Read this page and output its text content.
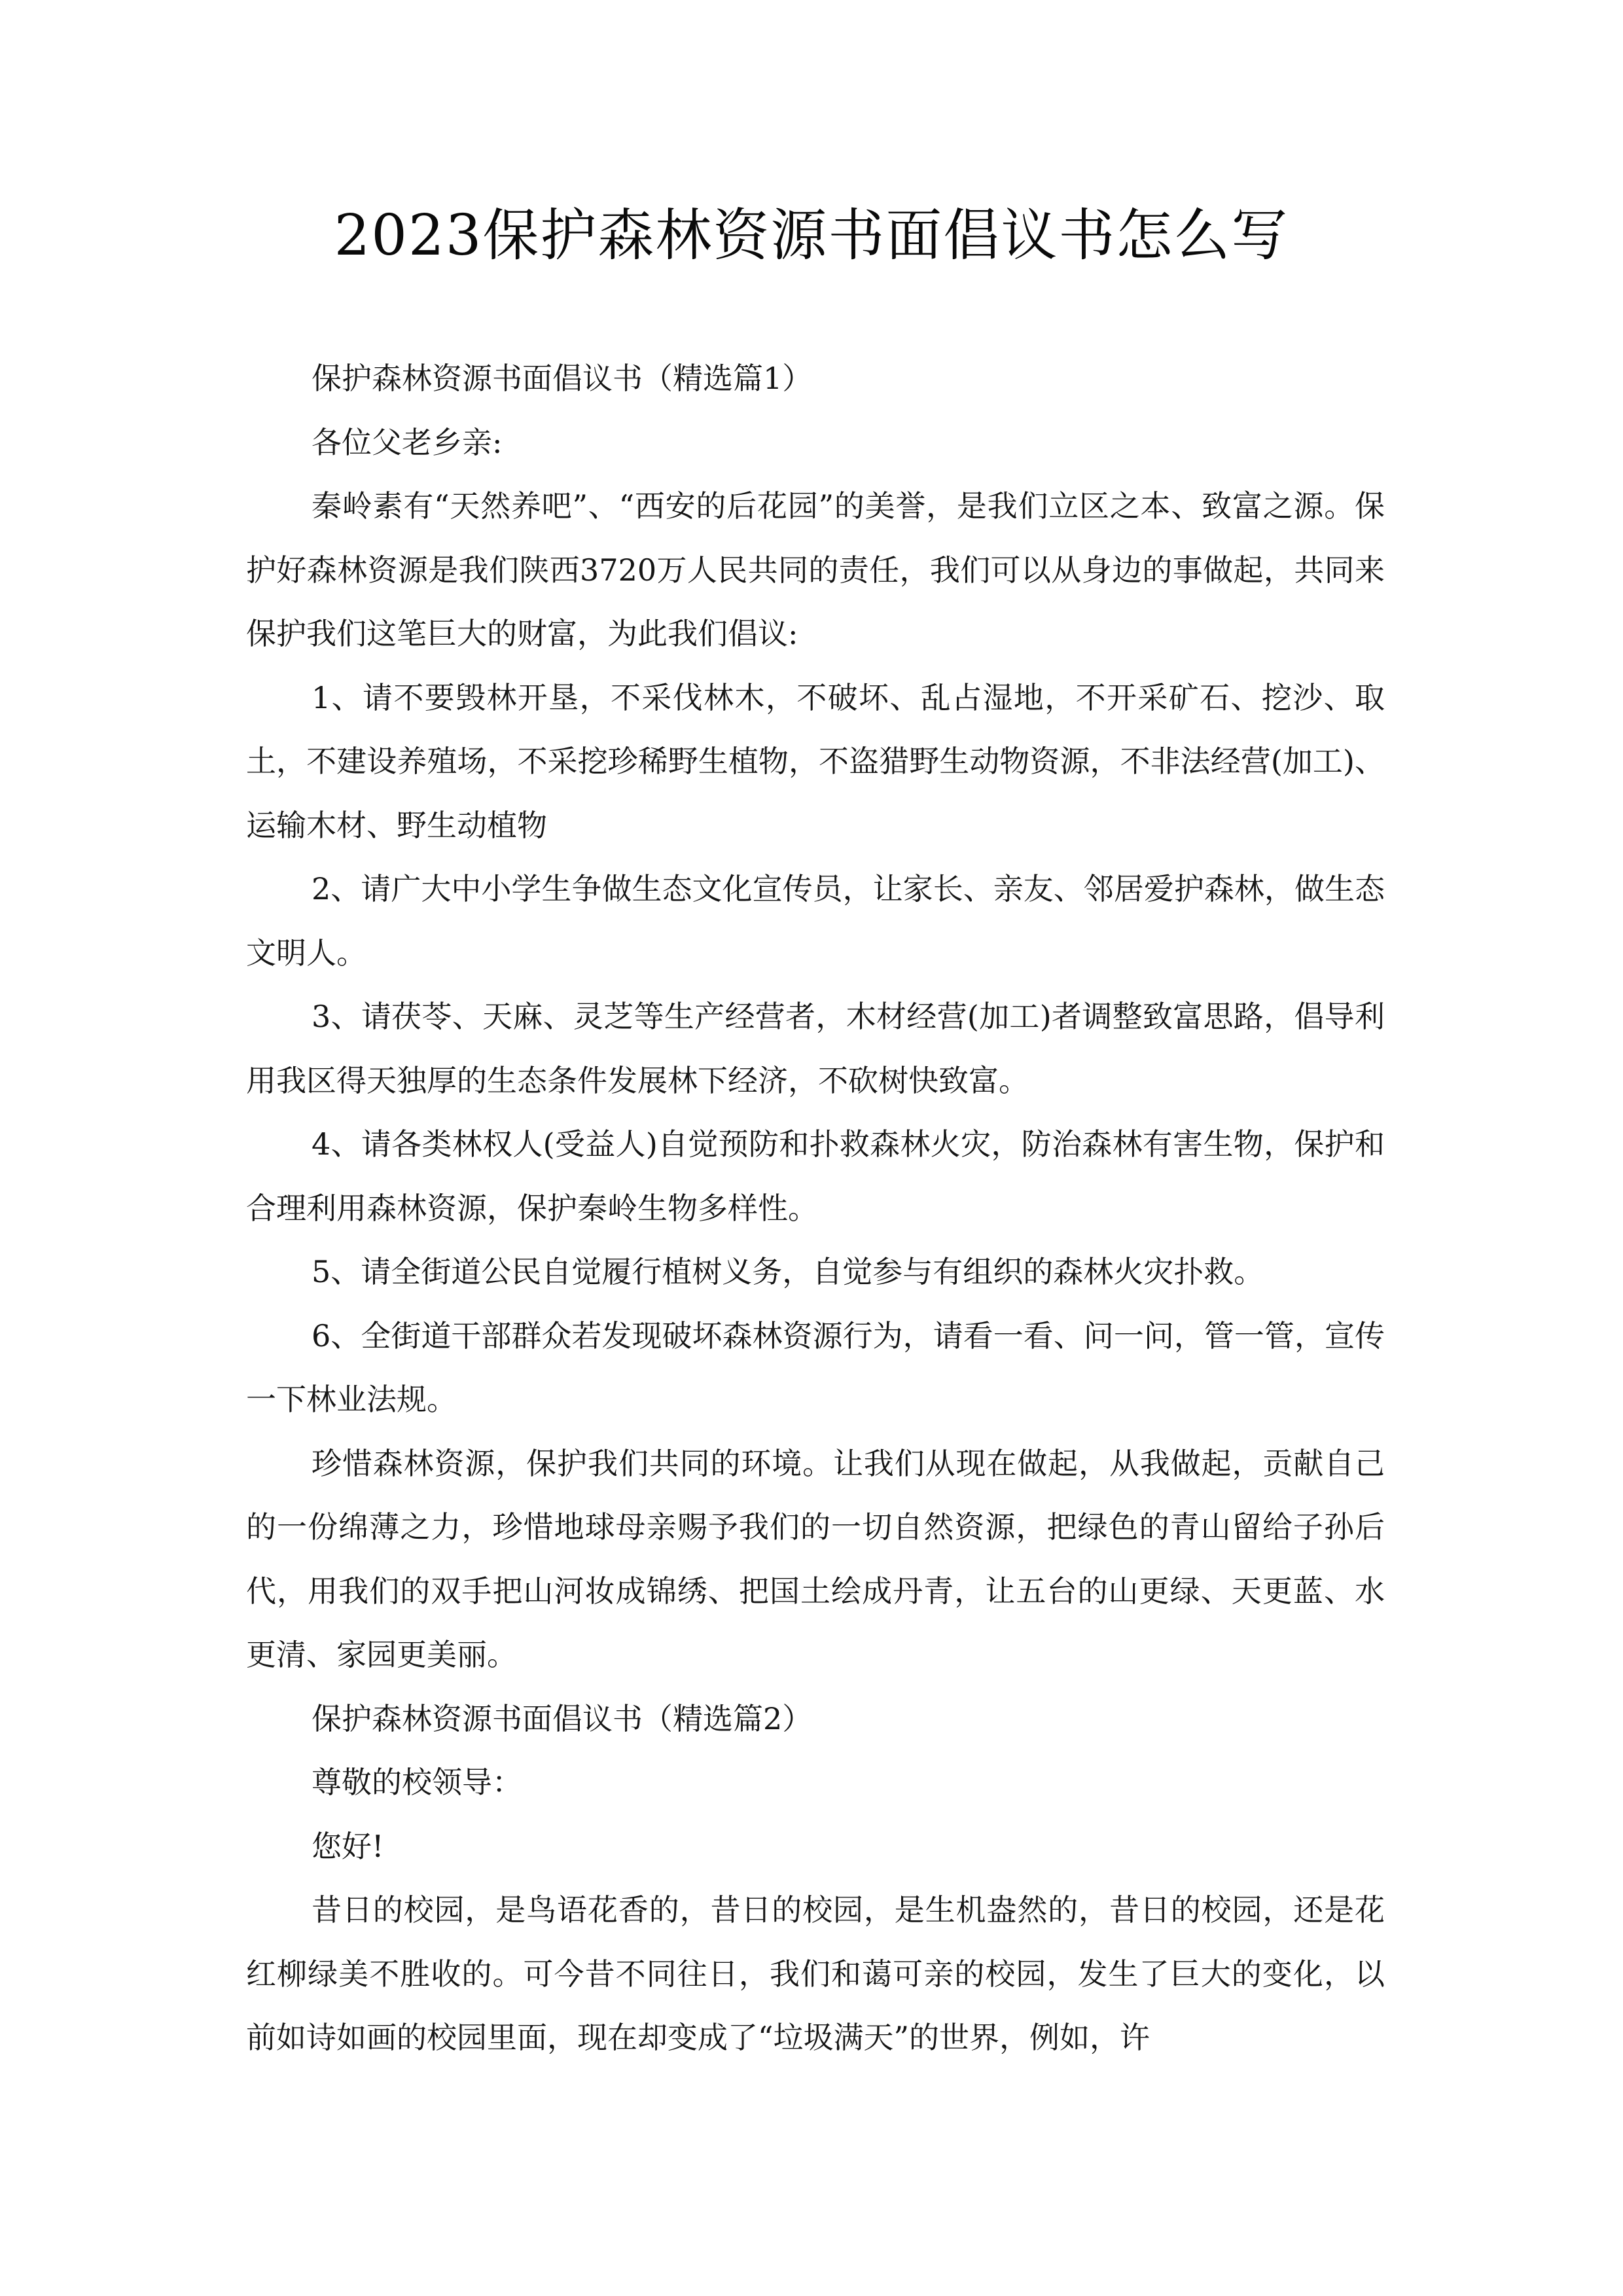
2023保护森林资源书面倡议书怎么写

保护森林资源书面倡议书（精选篇1）

各位父老乡亲:

秦岭素有“天然养吧”、“西安的后花园”的美誉，是我们立区之本、致富之源。保护好森林资源是我们陕西3720万人民共同的责任，我们可以从身边的事做起，共同来保护我们这笔巨大的财富，为此我们倡议:

1、请不要毁林开垦，不采伐林木，不破坏、乱占湿地，不开采矿石、挖沙、取土，不建设养殖场，不采挖珍稀野生植物，不盗猎野生动物资源，不非法经营(加工)、运输木材、野生动植物

2、请广大中小学生争做生态文化宣传员，让家长、亲友、邻居爱护森林，做生态文明人。

3、请茯苓、天麻、灵芝等生产经营者，木材经营(加工)者调整致富思路，倡导利用我区得天独厚的生态条件发展林下经济，不砍树快致富。

4、请各类林权人(受益人)自觉预防和扑救森林火灾，防治森林有害生物，保护和合理利用森林资源，保护秦岭生物多样性。

5、请全街道公民自觉履行植树义务，自觉参与有组织的森林火灾扑救。

6、全街道干部群众若发现破坏森林资源行为，请看一看、问一问，管一管，宣传一下林业法规。

珍惜森林资源，保护我们共同的环境。让我们从现在做起，从我做起，贡献自己的一份绵薄之力，珍惜地球母亲赐予我们的一切自然资源，把绿色的青山留给子孙后代，用我们的双手把山河妆成锦绣、把国土绘成丹青，让五台的山更绿、天更蓝、水更清、家园更美丽。

保护森林资源书面倡议书（精选篇2）

尊敬的校领导：

您好!

昔日的校园，是鸟语花香的，昔日的校园，是生机盎然的，昔日的校园，还是花红柳绿美不胜收的。可今昔不同往日，我们和蔼可亲的校园，发生了巨大的变化，以前如诗如画的校园里面，现在却变成了“垃圾满天”的世界，例如，许
